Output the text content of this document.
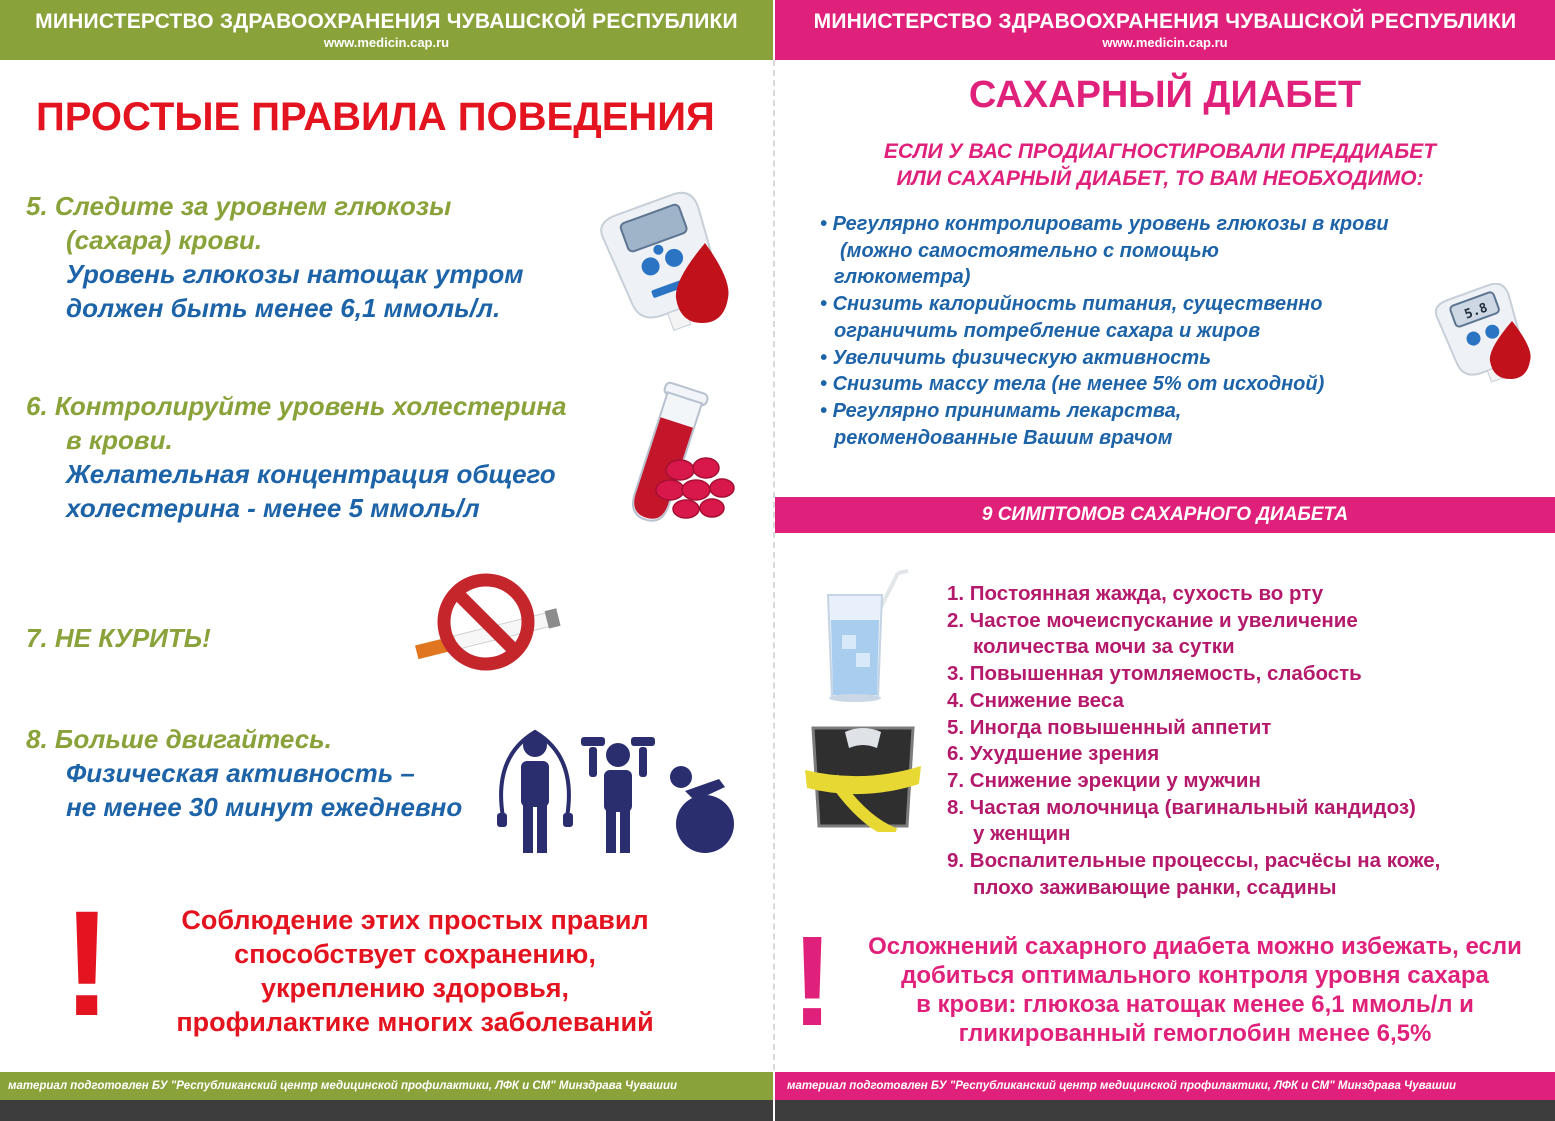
МИНИСТЕРСТВО ЗДРАВООХРАНЕНИЯ ЧУВАШСКОЙ РЕСПУБЛИКИ
www.medicin.cap.ru
ПРОСТЫЕ ПРАВИЛА ПОВЕДЕНИЯ
5. Следите за уровнем глюкозы
(сахара) крови.
Уровень глюкозы натощак утром
должен быть менее 6,1 ммоль/л.
6. Контролируйте уровень холестерина
в крови.
Желательная концентрация общего
холестерина - менее 5 ммоль/л
7. НЕ КУРИТЬ!
8. Больше двигайтесь.
Физическая активность –
не менее 30 минут ежедневно
!	Соблюдение этих простых правил
способствует сохранению,
укреплению здоровья,
профилактике многих заболеваний
материал подготовлен БУ "Республиканский центр медицинской профилактики, ЛФК и СМ" Минздрава Чувашии
МИНИСТЕРСТВО ЗДРАВООХРАНЕНИЯ ЧУВАШСКОЙ РЕСПУБЛИКИ
www.medicin.cap.ru
САХАРНЫЙ ДИАБЕТ
ЕСЛИ У ВАС ПРОДИАГНОСТИРОВАЛИ ПРЕДДИАБЕТ
ИЛИ САХАРНЫЙ ДИАБЕТ, ТО ВАМ НЕОБХОДИМО:
• Регулярно контролировать уровень глюкозы в крови
(можно самостоятельно с помощью
глюкометра)
• Снизить калорийность питания, существенно
ограничить потребление сахара и жиров
• Увеличить физическую активность
• Снизить массу тела (не менее 5% от исходной)
• Регулярно принимать лекарства,
рекомендованные Вашим врачом
5.8
9 СИМПТОМОВ САХАРНОГО ДИАБЕТА
1. Постоянная жажда, сухость во рту
2. Частое мочеиспускание и увеличение
количества мочи за сутки
3. Повышенная утомляемость, слабость
4. Снижение веса
5. Иногда повышенный аппетит
6. Ухудшение зрения
7. Снижение эрекции у мужчин
8. Частая молочница (вагинальный кандидоз)
у женщин
9. Воспалительные процессы, расчёсы на коже,
плохо заживающие ранки, ссадины
!	Осложнений сахарного диабета можно избежать, если
добиться оптимального контроля уровня сахара
в крови: глюкоза натощак менее 6,1 ммоль/л и
гликированный гемоглобин менее 6,5%
материал подготовлен БУ "Республиканский центр медицинской профилактики, ЛФК и СМ" Минздрава Чувашии
